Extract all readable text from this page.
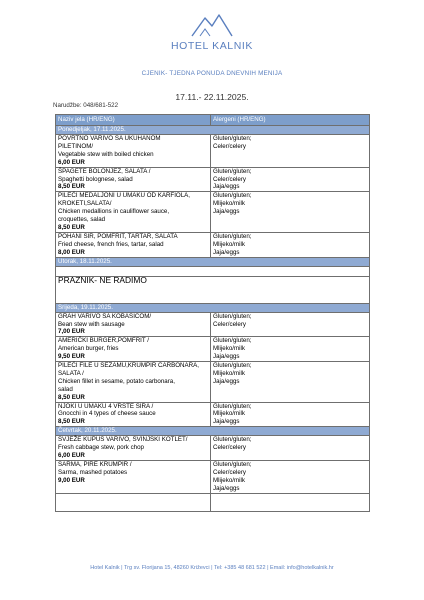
HOTEL KALNIK
CJENIK- TJEDNA PONUDA DNEVNIH MENIJA
17.11.- 22.11.2025.
Narudžbe: 048/681-522
Naziv jela (HR/ENG)	Alergeni (HR/ENG)
Ponedjeljak, 17.11.2025.	

POVRTNO VARIVO SA UKUHANOM
PILETINOM/
Vegetable stew with boiled chicken
6,00 EUR	Gluten/gluten;
Celer/celery

ŠPAGETE BOLONJEZ, SALATA /
Spaghetti bolognese, salad
8,50 EUR	Gluten/gluten;
Celer/celery
Jaja/eggs

PILEĆI MEDALJONI U UMAKU OD KARFIOLA,
KROKETI,SALATA/
Chicken medallions in cauliflower sauce,
croquettes, salad
8,50 EUR	Gluten/gluten;
Mlijeko/milk
Jaja/eggs

POHANI SIR, POMFRIT, TARTAR, SALATA
Fried cheese, french fries, tartar, salad
8,00 EUR	Gluten/gluten;
Mlijeko/milk
Jaja/eggs

Utorak, 18.11.2025.	

PRAZNIK- NE RADIMO	
Srijeda, 19.11.2025.	

GRAH VARIVO SA KOBASICOM/
Bean stew with sausage
7,00 EUR	Gluten/gluten;
Celer/celery

AMERIČKI BURGER,POMFRIT /
American burger, fries
9,50 EUR	Gluten/gluten;
Mlijeko/milk
Jaja/eggs

PILEĆI FILE U SEZAMU,KRUMPIR CARBONARA,
SALATA /
Chicken fillet in sesame, potato carbonara,
salad
8,50 EUR	Gluten/gluten;
Mlijeko/milk
Jaja/eggs

NJOKI U UMAKU 4 VRSTE SIRA /
Gnocchi in 4 types of cheese sauce
8,50 EUR	Gluten/gluten;
Mlijeko/milk
Jaja/eggs

Četvrtak, 20.11.2025.	

SVJEŽE KUPUS VARIVO, SVINJSKI KOTLET/
Fresh cabbage stew, pork chop
6,00 EUR	Gluten/gluten;
Celer/celery

SARMA, PIRE KRUMPIR /
Sarma, mashed potatoes
9,00 EUR	Gluten/gluten;
Celer/celery
Mlijeko/milk
Jaja/eggs

Hotel Kalnik | Trg sv. Florijana 15, 48260 Križevci | Tel: +385 48 681 522 | Email: info@hotelkalnik.hr
